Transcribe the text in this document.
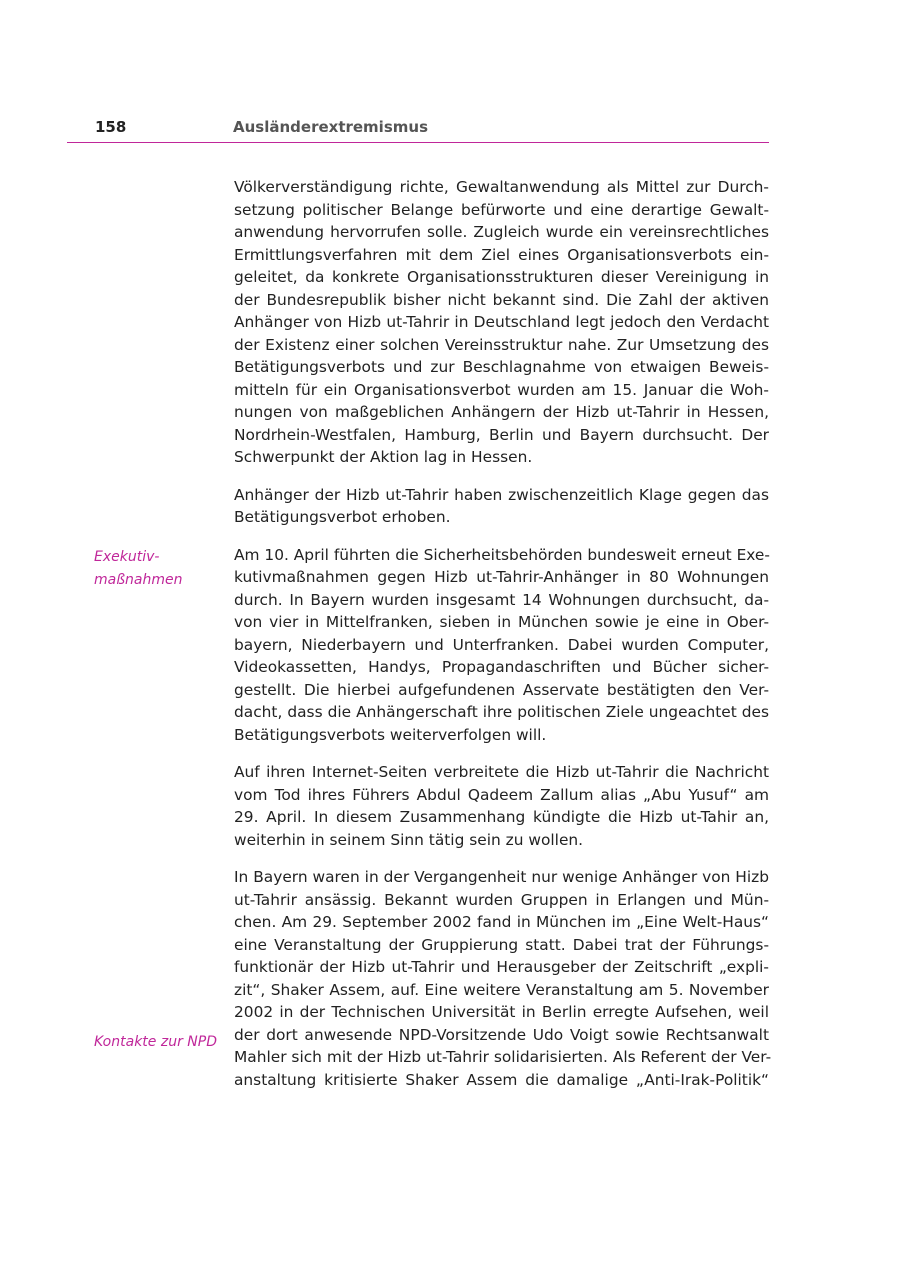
158	Ausländerextremismus
Exekutiv-
maßnahmen
Kontakte zur NPD
Völkerverständigung richte, Gewaltanwendung als Mittel zur Durch-
setzung politischer Belange befürworte und eine derartige Gewalt-
anwendung hervorrufen solle. Zugleich wurde ein vereinsrechtliches
Ermittlungsverfahren mit dem Ziel eines Organisationsverbots ein-
geleitet, da konkrete Organisationsstrukturen dieser Vereinigung in
der Bundesrepublik bisher nicht bekannt sind. Die Zahl der aktiven
Anhänger von Hizb ut-Tahrir in Deutschland legt jedoch den Verdacht
der Existenz einer solchen Vereinsstruktur nahe. Zur Umsetzung des
Betätigungsverbots und zur Beschlagnahme von etwaigen Beweis-
mitteln für ein Organisationsverbot wurden am 15. Januar die Woh-
nungen von maßgeblichen Anhängern der Hizb ut-Tahrir in Hessen,
Nordrhein-Westfalen, Hamburg, Berlin und Bayern durchsucht. Der
Schwerpunkt der Aktion lag in Hessen.
Anhänger der Hizb ut-Tahrir haben zwischenzeitlich Klage gegen das
Betätigungsverbot erhoben.
Am 10. April führten die Sicherheitsbehörden bundesweit erneut Exe-
kutivmaßnahmen gegen Hizb ut-Tahrir-Anhänger in 80 Wohnungen
durch. In Bayern wurden insgesamt 14 Wohnungen durchsucht, da-
von vier in Mittelfranken, sieben in München sowie je eine in Ober-
bayern, Niederbayern und Unterfranken. Dabei wurden Computer,
Videokassetten, Handys, Propagandaschriften und Bücher sicher-
gestellt. Die hierbei aufgefundenen Asservate bestätigten den Ver-
dacht, dass die Anhängerschaft ihre politischen Ziele ungeachtet des
Betätigungsverbots weiterverfolgen will.
Auf ihren Internet-Seiten verbreitete die Hizb ut-Tahrir die Nachricht
vom Tod ihres Führers Abdul Qadeem Zallum alias „Abu Yusuf“ am
29. April. In diesem Zusammenhang kündigte die Hizb ut-Tahir an,
weiterhin in seinem Sinn tätig sein zu wollen.
In Bayern waren in der Vergangenheit nur wenige Anhänger von Hizb
ut-Tahrir ansässig. Bekannt wurden Gruppen in Erlangen und Mün-
chen. Am 29. September 2002 fand in München im „Eine Welt-Haus“
eine Veranstaltung der Gruppierung statt. Dabei trat der Führungs-
funktionär der Hizb ut-Tahrir und Herausgeber der Zeitschrift „expli-
zit“, Shaker Assem, auf. Eine weitere Veranstaltung am 5. November
2002 in der Technischen Universität in Berlin erregte Aufsehen, weil
der dort anwesende NPD-Vorsitzende Udo Voigt sowie Rechtsanwalt
Mahler sich mit der Hizb ut-Tahrir solidarisierten. Als Referent der Ver-
anstaltung kritisierte Shaker Assem die damalige „Anti-Irak-Politik“
